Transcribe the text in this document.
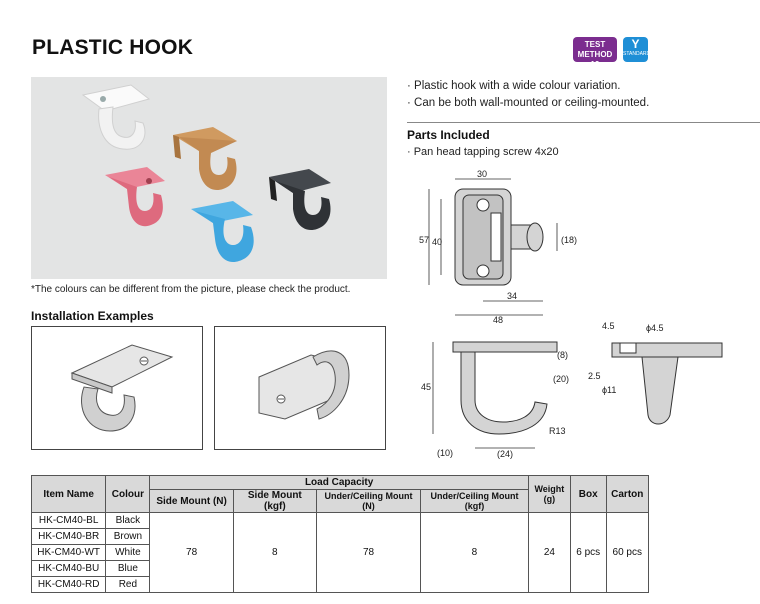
PLASTIC HOOK	TEST
METHOD 19
Y
STANDARD
*The colours can be different from the picture, please check the product.
Installation Examples
· Plastic hook with a wide colour variation.
· Can be both wall-mounted or ceiling-mounted.
Parts Included
· Pan head tapping screw 4x20
30
57 40	(18)
34
48
45
(8)
(20)
(10)	(24)
R13
4.5	ϕ4.5
2.5
ϕ11
Item Name	Colour	Load Capacity				Weight (g)	Box	Carton
		Side Mount (N)	Side Mount (kgf)	Under/Ceiling Mount (N)	Under/Ceiling Mount (kgf)			
HK-CM40-BL	Black	78	8	78	8	24	6 pcs	60 pcs
HK-CM40-BR	Brown							
HK-CM40-WT	White							
HK-CM40-BU	Blue							
HK-CM40-RD	Red							
